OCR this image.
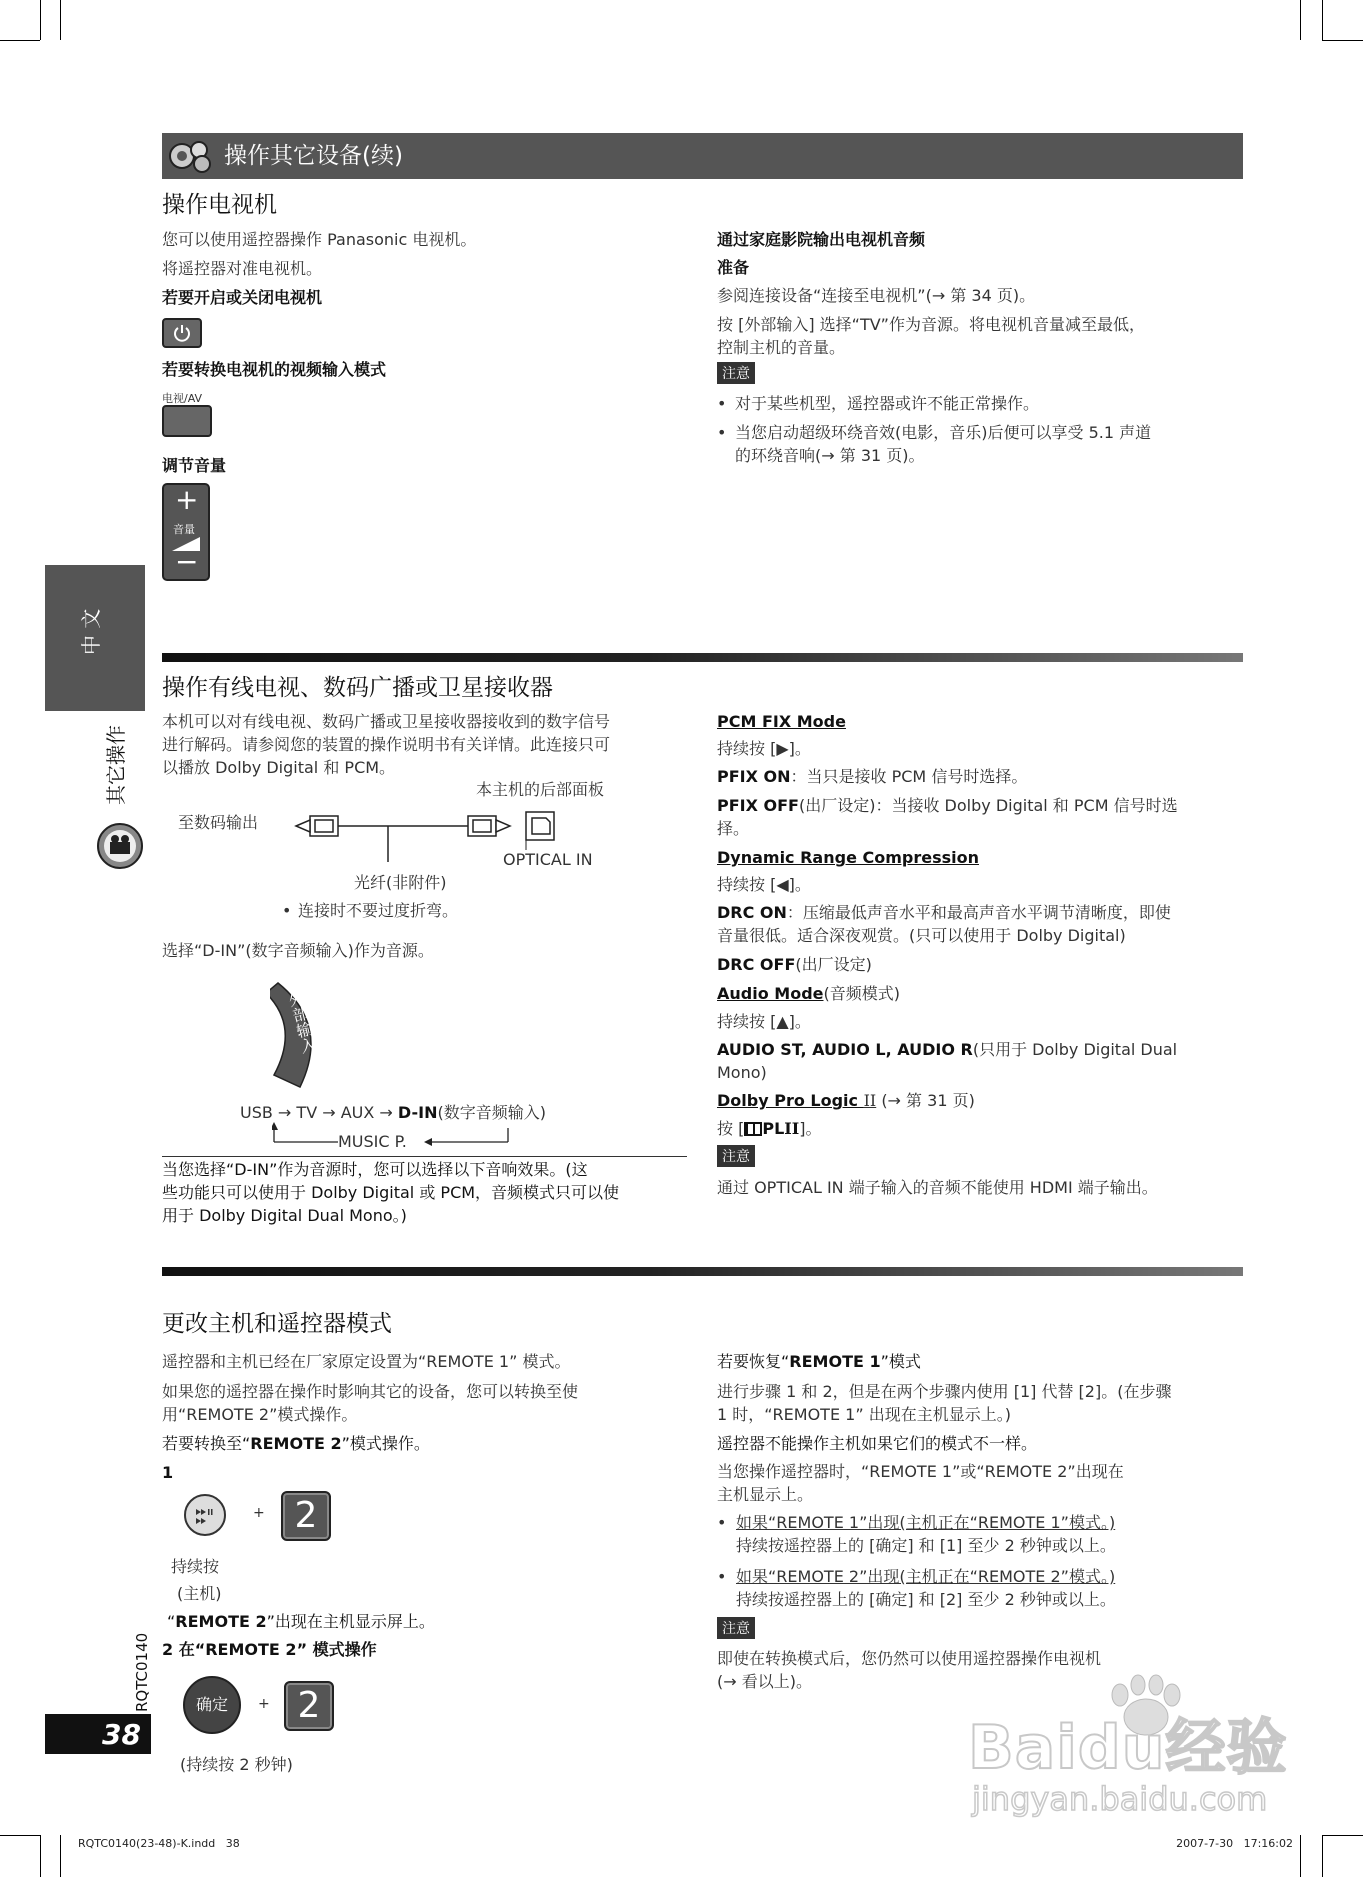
操作其它设备(续)
中 文
其它操作
操作电视机
您可以使用遥控器操作 Panasonic 电视机。
将遥控器对准电视机。
若要开启或关闭电视机
若要转换电视机的视频输入模式
电视/AV
调节音量
+
音量
−
通过家庭影院输出电视机音频
准备
参阅连接设备“连接至电视机”(→ 第 34 页)。
按 [外部输入] 选择“TV”作为音源。将电视机音量减至最低，
控制主机的音量。
注意
• 对于某些机型，遥控器或许不能正常操作。
• 当您启动超级环绕音效(电影，音乐)后便可以享受 5.1 声道
的环绕音响(→ 第 31 页)。
操作有线电视、数码广播或卫星接收器
本机可以对有线电视、数码广播或卫星接收器接收到的数字信号
进行解码。请参阅您的装置的操作说明书有关详情。此连接只可
以播放 Dolby Digital 和 PCM。
本主机的后部面板
至数码输出
OPTICAL IN
光纤(非附件)
• 连接时不要过度折弯。
选择“D-IN”(数字音频输入)作为音源。
外部输入
USB → TV → AUX → D-IN(数字音频输入)
MUSIC P.
当您选择“D-IN”作为音源时，您可以选择以下音响效果。(这
些功能只可以使用于 Dolby Digital 或 PCM，音频模式只可以使
用于 Dolby Digital Dual Mono。)
PCM FIX Mode
持续按 [▶]。
PFIX ON：当只是接收 PCM 信号时选择。
PFIX OFF(出厂设定)：当接收 Dolby Digital 和 PCM 信号时选
择。
Dynamic Range Compression
持续按 [◀]。
DRC ON：压缩最低声音水平和最高声音水平调节清晰度，即使
音量很低。适合深夜观赏。(只可以使用于 Dolby Digital)
DRC OFF(出厂设定)
Audio Mode(音频模式)
持续按 [▲]。
AUDIO ST, AUDIO L, AUDIO R(只用于 Dolby Digital Dual
Mono)
Dolby Pro Logic II (→ 第 31 页)
按 [ PLII]。
注意
通过 OPTICAL IN 端子输入的音频不能使用 HDMI 端子输出。
更改主机和遥控器模式
遥控器和主机已经在厂家原定设置为“REMOTE 1” 模式。
如果您的遥控器在操作时影响其它的设备，您可以转换至使
用“REMOTE 2”模式操作。
若要转换至“REMOTE 2”模式操作。
1
+ 2
持续按
(主机)
“REMOTE 2”出现在主机显示屏上。
2 在“REMOTE 2” 模式操作
确定	+ 2
(持续按 2 秒钟)
若要恢复“REMOTE 1”模式
进行步骤 1 和 2，但是在两个步骤内使用 [1] 代替 [2]。(在步骤
1 时，“REMOTE 1” 出现在主机显示上。)
遥控器不能操作主机如果它们的模式不一样。
当您操作遥控器时，“REMOTE 1”或“REMOTE 2”出现在
主机显示上。
• 如果“REMOTE 1”出现(主机正在“REMOTE 1”模式。)
持续按遥控器上的 [确定] 和 [1] 至少 2 秒钟或以上。
• 如果“REMOTE 2”出现(主机正在“REMOTE 2”模式。)
持续按遥控器上的 [确定] 和 [2] 至少 2 秒钟或以上。
注意
即使在转换模式后，您仍然可以使用遥控器操作电视机
(→ 看以上)。
RQTC0140
38
RQTC0140(23-48)-K.indd   38	2007-7-30   17:16:02
Baidu经验
jingyan.baidu.com
